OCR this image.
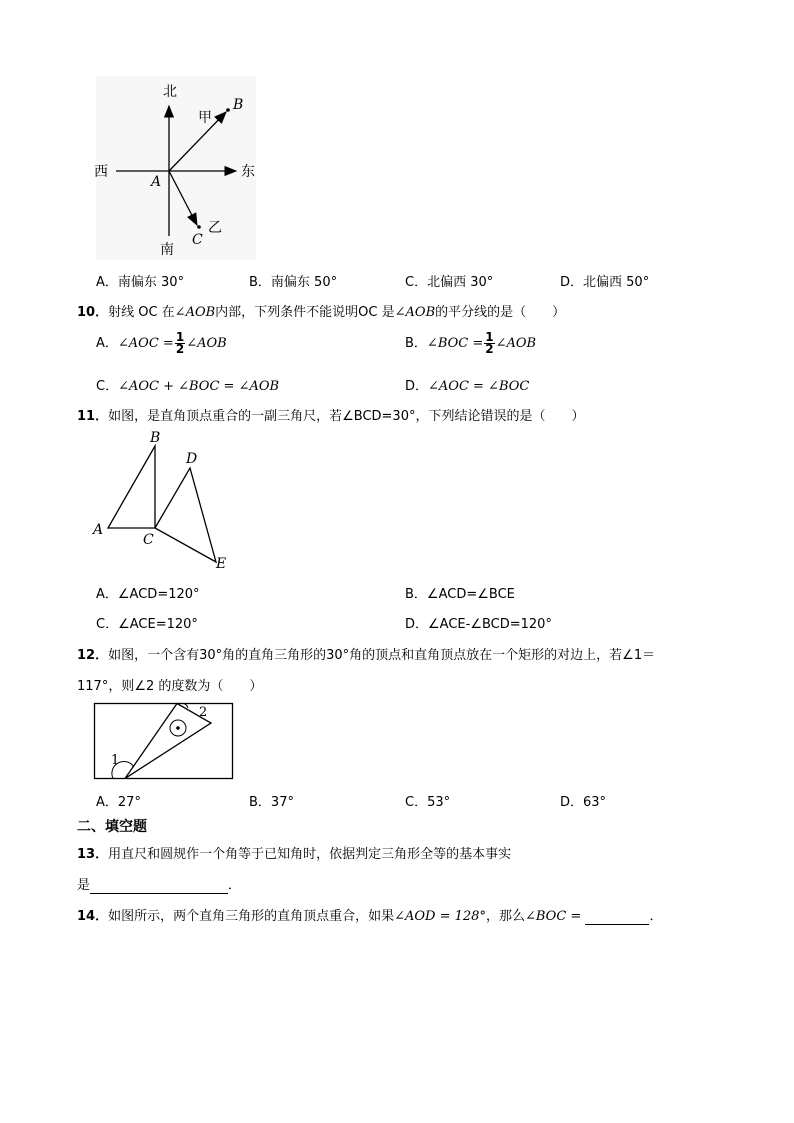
北
南
西	东
A
B
C
甲
乙
A．南偏东 30°	B．南偏东 50°	C．北偏西 30°	D．北偏西 50°
10．射线 OC 在∠AOB内部，下列条件不能说明OC 是∠AOB的平分线的是（　　）
A．∠AOC = $\frac{1}{2}$ ∠AOB	B．∠BOC = $\frac{1}{2}$ ∠AOB
C．∠AOC + ∠BOC = ∠AOB	D．∠AOC = ∠BOC
11．如图，是直角顶点重合的一副三角尺，若∠BCD=30°，下列结论错误的是（　　）
A
B
C
D
E
A．∠ACD=120°	B．∠ACD=∠BCE
C．∠ACE=120°	D．∠ACE-∠BCD=120°
12．如图，一个含有30°角的直角三角形的30°角的顶点和直角顶点放在一个矩形的对边上，若∠1＝
117°，则∠2 的度数为（　　）
1
2
A．27°	B．37°	C．53°	D．63°
二、填空题
13．用直尺和圆规作一个角等于已知角时，依据判定三角形全等的基本事实
是	．
14．如图所示，两个直角三角形的直角顶点重合，如果∠AOD = 128°，那么∠BOC =	．
